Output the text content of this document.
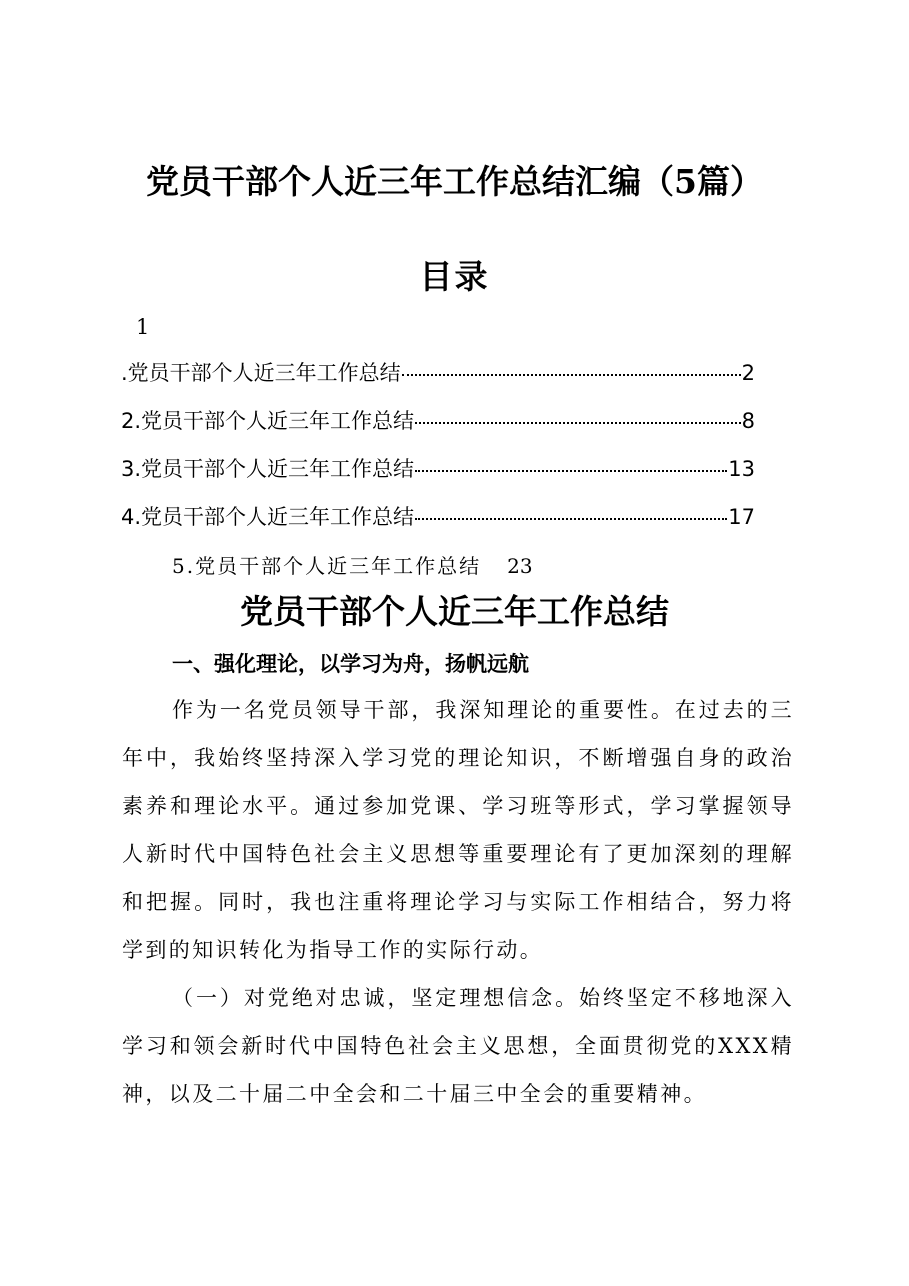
党员干部个人近三年工作总结汇编（5篇）
目录
1
.党员干部个人近三年工作总结	2
2.党员干部个人近三年工作总结	8
3.党员干部个人近三年工作总结	13
4.党员干部个人近三年工作总结	17
5.党员干部个人近三年工作总结 23
党员干部个人近三年工作总结
一、强化理论，以学习为舟，扬帆远航

作为一名党员领导干部，我深知理论的重要性。在过去的三年中，我始终坚持深入学习党的理论知识，不断增强自身的政治素养和理论水平。通过参加党课、学习班等形式，学习掌握领导人新时代中国特色社会主义思想等重要理论有了更加深刻的理解和把握。同时，我也注重将理论学习与实际工作相结合，努力将学到的知识转化为指导工作的实际行动。

（一）对党绝对忠诚，坚定理想信念。始终坚定不移地深入学习和领会新时代中国特色社会主义思想，全面贯彻党的XXX精神，以及二十届二中全会和二十届三中全会的重要精神。
